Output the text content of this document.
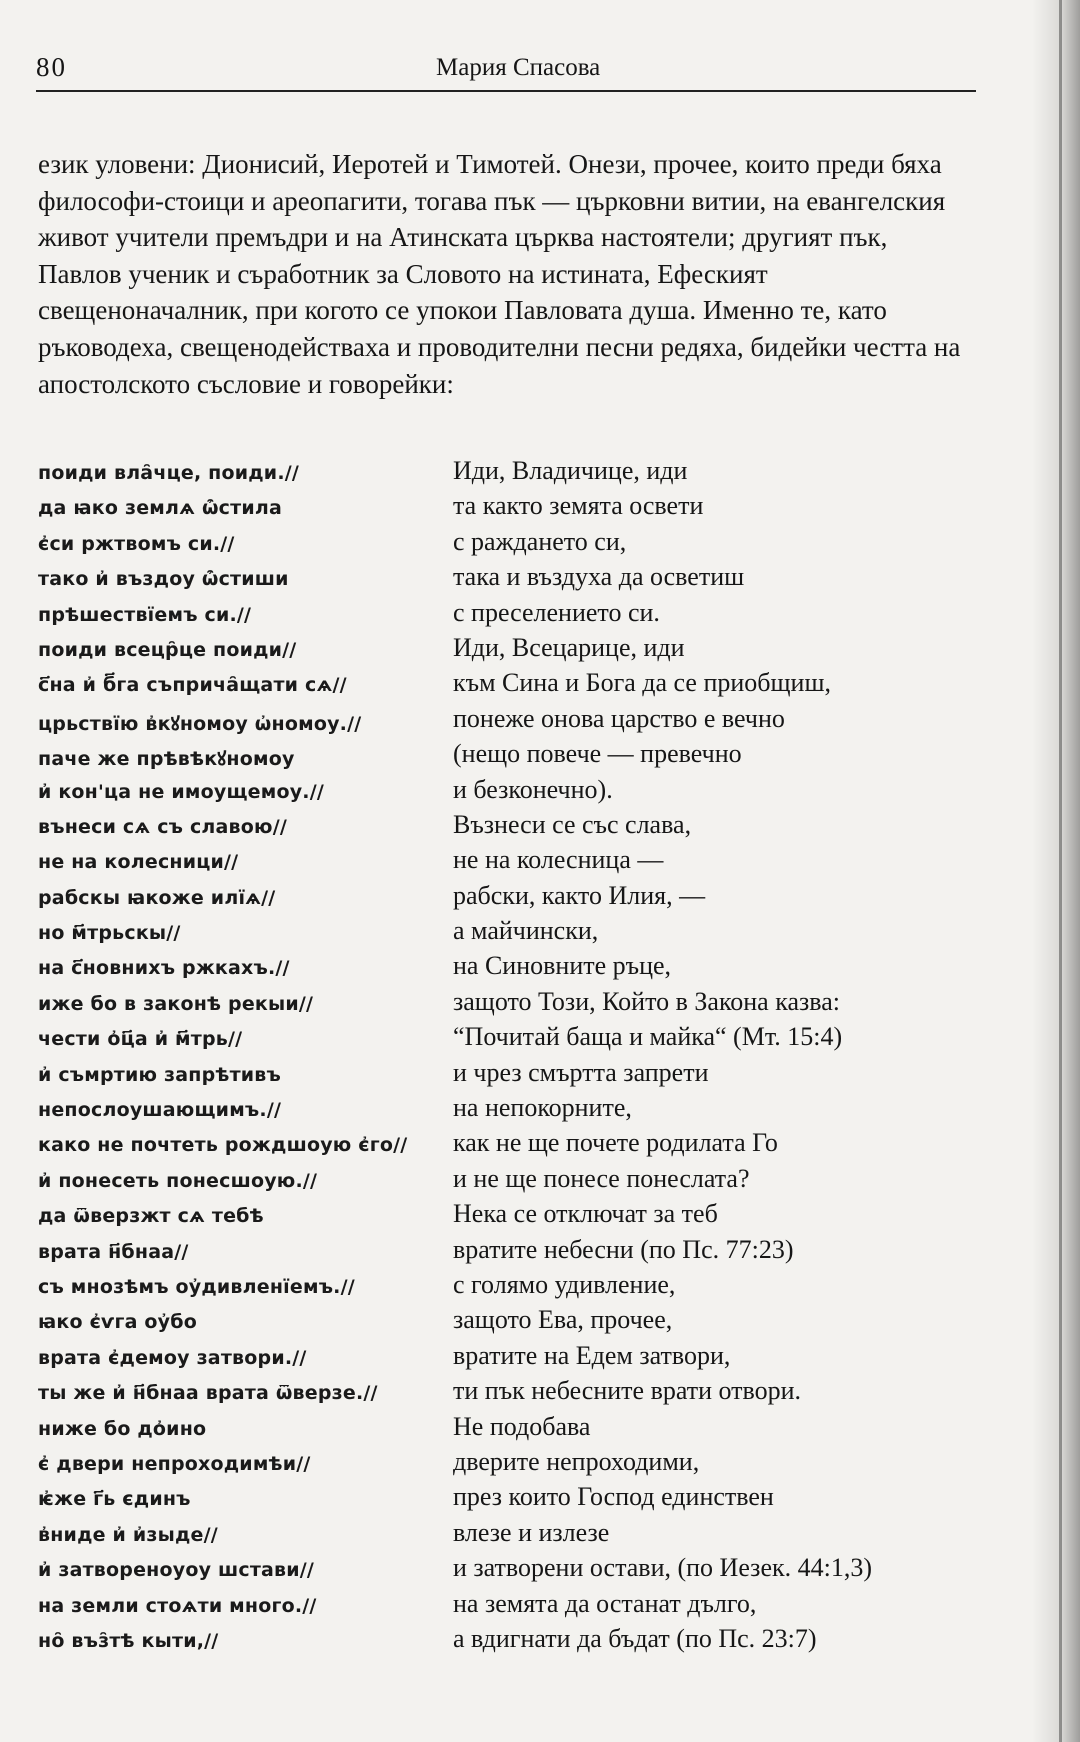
80	Мария Спасова

език уловени: Дионисий, Иеротей и Тимотей. Онези, прочее, които преди бяха философи-стоици и ареопагити, тогава пък — църковни витии, на евангелския живот учители премъдри и на Атинската църква настоятели; другият пък, Павлов ученик и съработник за Словото на истината, Ефеският свещеноначалник, при когото се упокои Павловата душа. Именно те, като ръководеха, свещенодействаха и проводителни песни редяха, бидейки честта на апостолското съсловие и говорейки:

поиди вла̑чце, поиди.//	Иди, Владичице, иди
да ꙗко землѧ ѡ҆̑стила	та както земята освети
є҆си ржтвомъ си.//	с раждането си,
тако и҆ въздоу ѡ҆̑стиши	така и въздуха да осветиш
прѣшествїемъ си.//	с преселението си.
поиди всецр̑це поиди//	Иди, Всецарице, иди
с҃на и҆ б҃га съприча̑щати сѧ//	към Сина и Бога да се приобщиш,
црьствїю в҆кꙋномоу ѡ҆номоу.//	понеже онова царство е вечно
паче же прѣвѣкꙋномоу	(нещо повече — превечно
и҆ кон'ца не имоущемоу.//	и безконечно).
вънеси сѧ съ славою//	Възнеси се със слава,
не на колесници//	не на колесница —
рабскы ꙗкоже илїѧ//	рабски, както Илия, —
но м҃трьскы//	а майчински,
на с҃новнихъ ржкахъ.//	на Синовните ръце,
иже бо в законѣ рекыи//	защото Този, Който в Закона казва:
чести о҆ц҃а и҆ м҃трь//	“Почитай баща и майка“ (Мт. 15:4)
и҆ съмртию запрѣтивъ	и чрез смъртта запрети
непослоушающимъ.//	на непокорните,
како не почтеть рождшоую є҆го// как не ще почете родилата Го
и҆ понесеть понесшоую.//	и не ще понесе понеслата?
да ѿверзжт сѧ тебѣ	Нека се отключат за теб
врата н҃бнаа//	вратите небесни (по Пс. 77:23)
съ мнозѣмъ оу҆дивленїемъ.//	с голямо удивление,
ꙗко є҆ѵга оу҆бо	защото Ева, прочее,
врата є҆демоу затвори.//	вратите на Едем затвори,
ты же и҆ н҃бнаа врата ѿверзе.//	ти пък небесните врати отвори.
ниже бо до҆ино	Не подобава
є҆ двери непроходимѣи//	дверите непроходими,
ѥ҆же г҃ь єдинъ	през които Господ единствен
в҆ниде и҆ и҆зыде//	влезе и излезе
и҆ затвореноуоу шстави//	и затворени остави, (по Иезек. 44:1,3)
на земли стоѧти много.//	на земята да останат дълго,
но̑ въз̑тѣ кыти,//	а вдигнати да бъдат (по Пс. 23:7)
